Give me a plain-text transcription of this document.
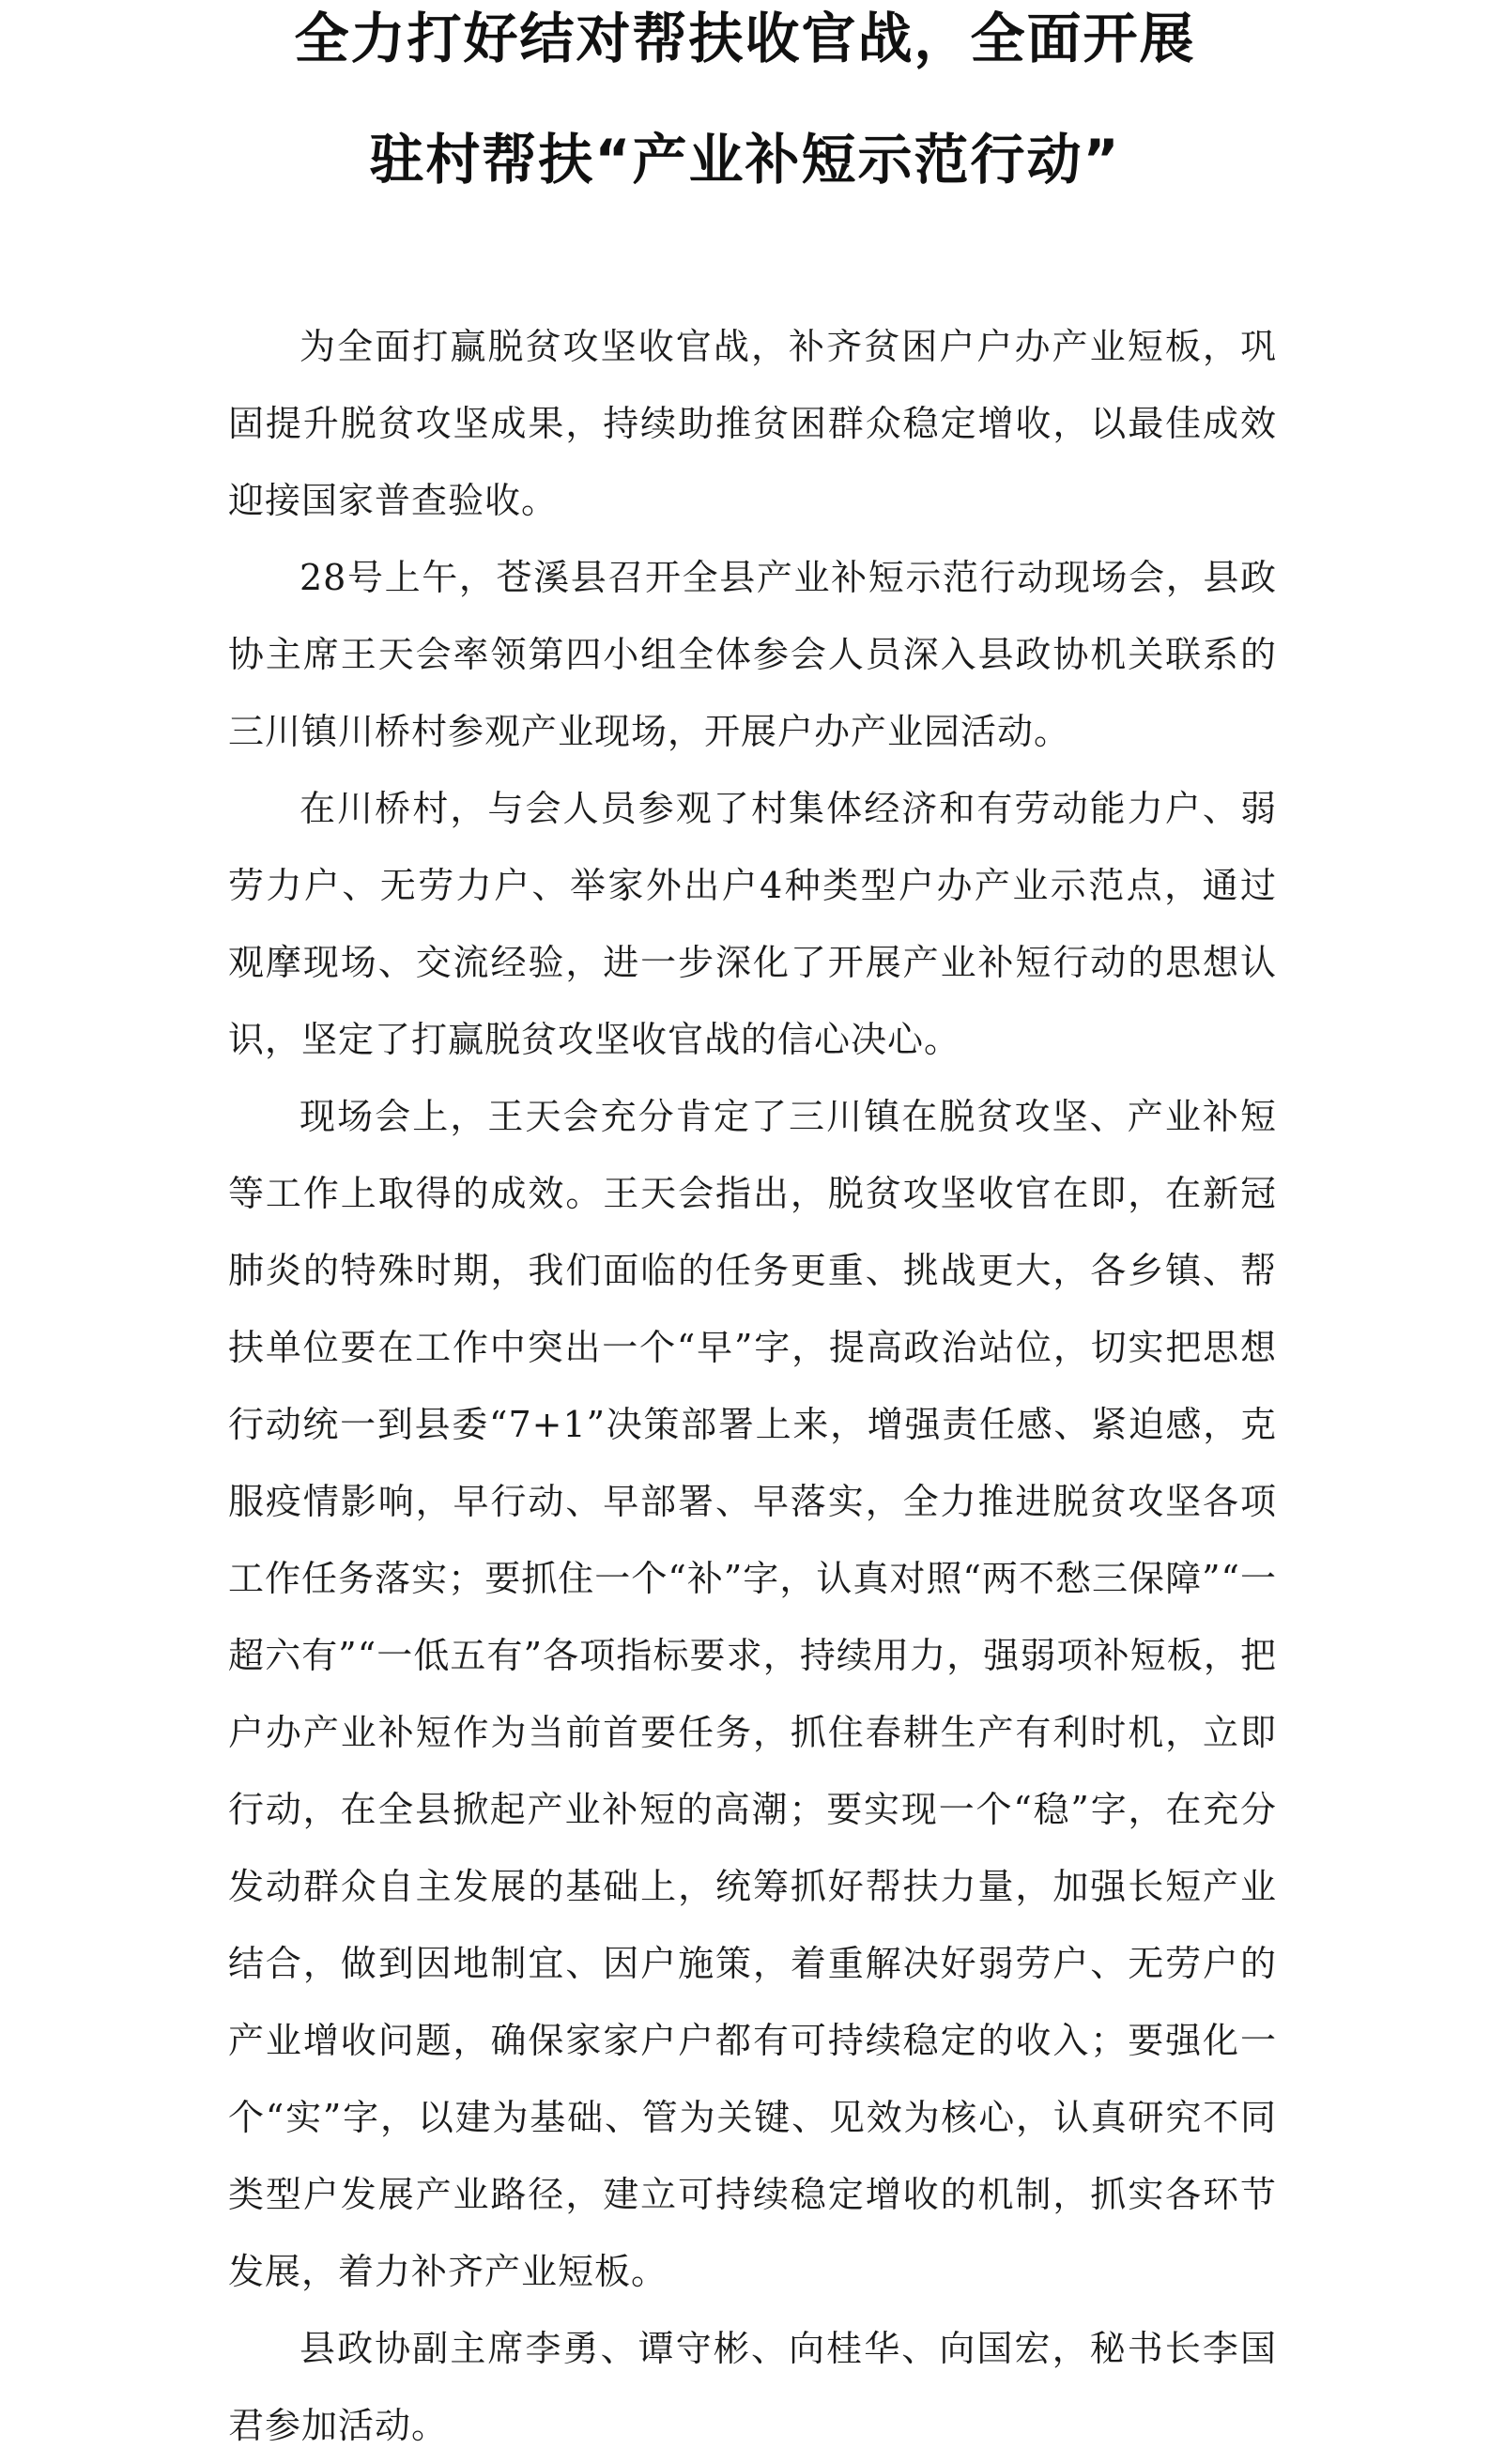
全力打好结对帮扶收官战，全面开展
驻村帮扶“产业补短示范行动”

为全面打赢脱贫攻坚收官战，补齐贫困户户办产业短板，巩固提升脱贫攻坚成果，持续助推贫困群众稳定增收，以最佳成效迎接国家普查验收。

28号上午，苍溪县召开全县产业补短示范行动现场会，县政协主席王天会率领第四小组全体参会人员深入县政协机关联系的三川镇川桥村参观产业现场，开展户办产业园活动。

在川桥村，与会人员参观了村集体经济和有劳动能力户、弱劳力户、无劳力户、举家外出户4种类型户办产业示范点，通过观摩现场、交流经验，进一步深化了开展产业补短行动的思想认识，坚定了打赢脱贫攻坚收官战的信心决心。

现场会上，王天会充分肯定了三川镇在脱贫攻坚、产业补短等工作上取得的成效。王天会指出，脱贫攻坚收官在即，在新冠肺炎的特殊时期，我们面临的任务更重、挑战更大，各乡镇、帮扶单位要在工作中突出一个“早”字，提高政治站位，切实把思想行动统一到县委“7+1”决策部署上来，增强责任感、紧迫感，克服疫情影响，早行动、早部署、早落实，全力推进脱贫攻坚各项工作任务落实；要抓住一个“补”字，认真对照“两不愁三保障”“一超六有”“一低五有”各项指标要求，持续用力，强弱项补短板，把户办产业补短作为当前首要任务，抓住春耕生产有利时机，立即行动，在全县掀起产业补短的高潮；要实现一个“稳”字，在充分发动群众自主发展的基础上，统筹抓好帮扶力量，加强长短产业结合，做到因地制宜、因户施策，着重解决好弱劳户、无劳户的产业增收问题，确保家家户户都有可持续稳定的收入；要强化一个“实”字，以建为基础、管为关键、见效为核心，认真研究不同类型户发展产业路径，建立可持续稳定增收的机制，抓实各环节发展，着力补齐产业短板。

县政协副主席李勇、谭守彬、向桂华、向国宏，秘书长李国君参加活动。
